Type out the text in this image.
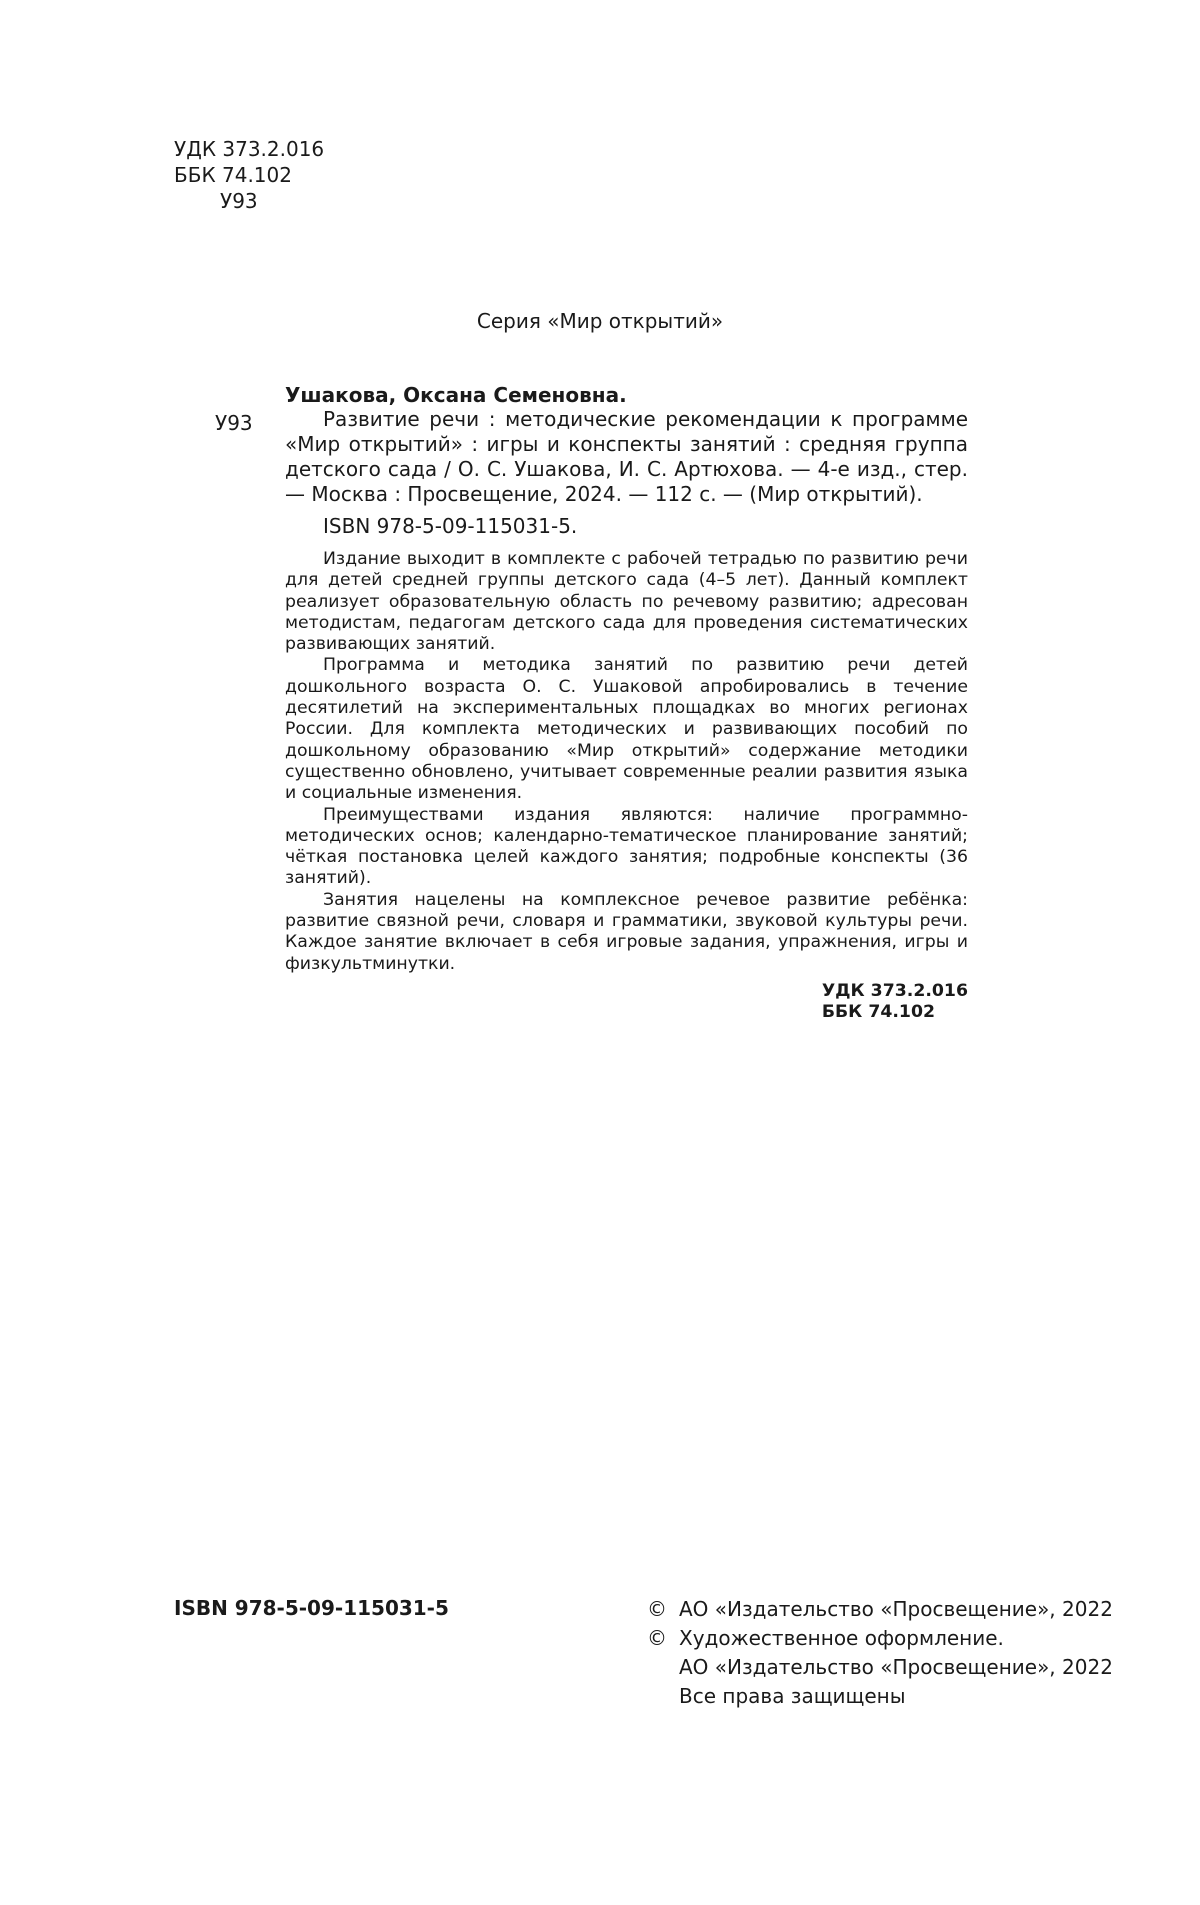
УДК 373.2.016
ББК 74.102
У93
Серия «Мир открытий»
Ушакова, Оксана Семеновна.
У93	Развитие речи : методические рекомендации к программе «Мир открытий» : игры и конспекты занятий : средняя группа детского сада / О. С. Ушакова, И. С. Артюхова. — 4-е изд., стер. — Москва : Просвещение, 2024. — 112 с. — (Мир открытий).

ISBN 978-5-09-115031-5.

Издание выходит в комплекте с рабочей тетрадью по развитию речи для детей средней группы детского сада (4–5 лет). Данный комплект реализует образовательную область по речевому развитию; адресован методистам, педагогам детского сада для проведения систематических развивающих занятий.

Программа и методика занятий по развитию речи детей дошкольного возраста О. С. Ушаковой апробировались в течение десятилетий на экспериментальных площадках во многих регионах России. Для комплекта методических и развивающих пособий по дошкольному образованию «Мир открытий» содержание методики существенно обновлено, учитывает современные реалии развития языка и социальные изменения.

Преимуществами издания являются: наличие программно-методических основ; календарно-тематическое планирование занятий; чёткая постановка целей каждого занятия; подробные конспекты (36 занятий).

Занятия нацелены на комплексное речевое развитие ребёнка: развитие связной речи, словаря и грамматики, звуковой культуры речи. Каждое занятие включает в себя игровые задания, упражнения, игры и физкультминутки.

УДК 373.2.016
ББК 74.102
ISBN 978-5-09-115031-5	© АО «Издательство «Просвещение», 2022
© Художественное оформление.
АО «Издательство «Просвещение», 2022
Все права защищены
